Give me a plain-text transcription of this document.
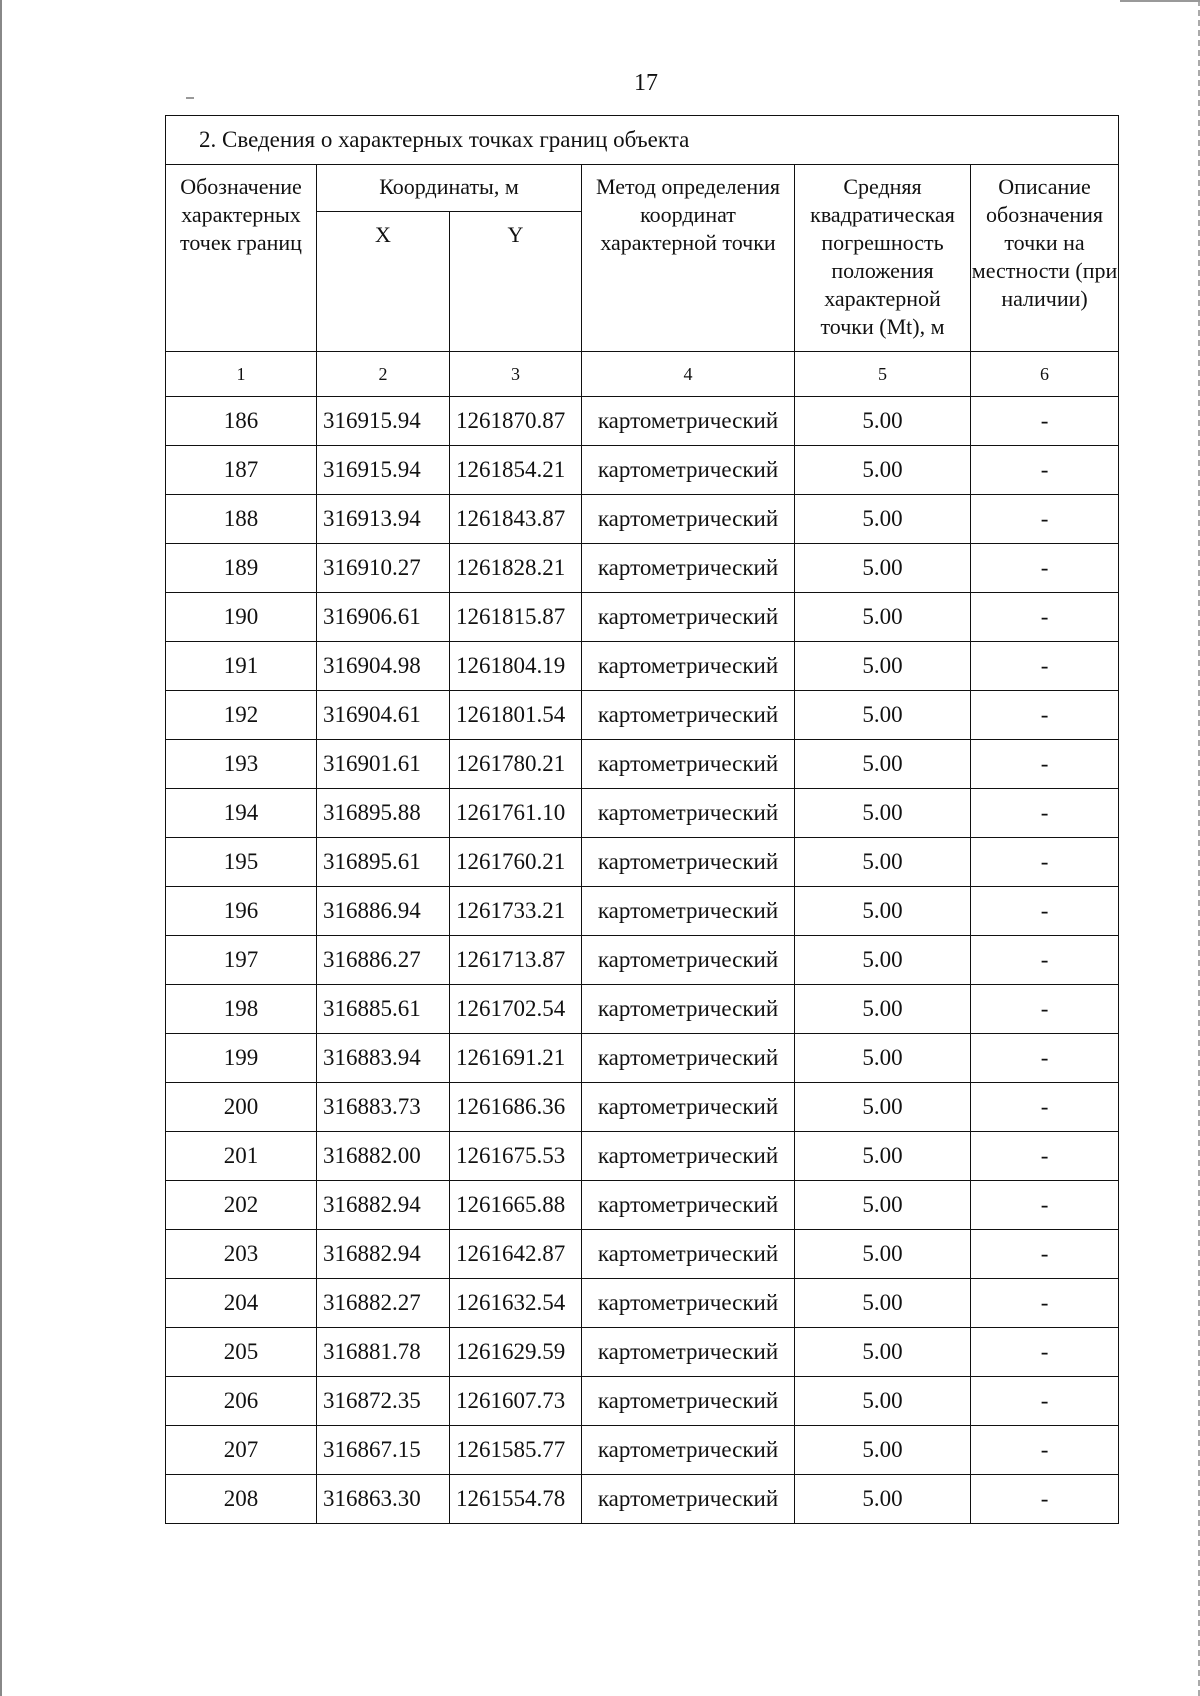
17
2. Сведения о характерных точках границ объекта					
Обозначение характерных точек границ	Координаты, м		Метод определения координат характерной точки	Средняя квадратическая погрешность положения характерной точки (Mt), м	Описание обозначения точки на местности (при наличии)
	X	Y			
1	2	3	4	5	6
186	316915.94	1261870.87	картометрический	5.00	-
187	316915.94	1261854.21	картометрический	5.00	-
188	316913.94	1261843.87	картометрический	5.00	-
189	316910.27	1261828.21	картометрический	5.00	-
190	316906.61	1261815.87	картометрический	5.00	-
191	316904.98	1261804.19	картометрический	5.00	-
192	316904.61	1261801.54	картометрический	5.00	-
193	316901.61	1261780.21	картометрический	5.00	-
194	316895.88	1261761.10	картометрический	5.00	-
195	316895.61	1261760.21	картометрический	5.00	-
196	316886.94	1261733.21	картометрический	5.00	-
197	316886.27	1261713.87	картометрический	5.00	-
198	316885.61	1261702.54	картометрический	5.00	-
199	316883.94	1261691.21	картометрический	5.00	-
200	316883.73	1261686.36	картометрический	5.00	-
201	316882.00	1261675.53	картометрический	5.00	-
202	316882.94	1261665.88	картометрический	5.00	-
203	316882.94	1261642.87	картометрический	5.00	-
204	316882.27	1261632.54	картометрический	5.00	-
205	316881.78	1261629.59	картометрический	5.00	-
206	316872.35	1261607.73	картометрический	5.00	-
207	316867.15	1261585.77	картометрический	5.00	-
208	316863.30	1261554.78	картометрический	5.00	-
